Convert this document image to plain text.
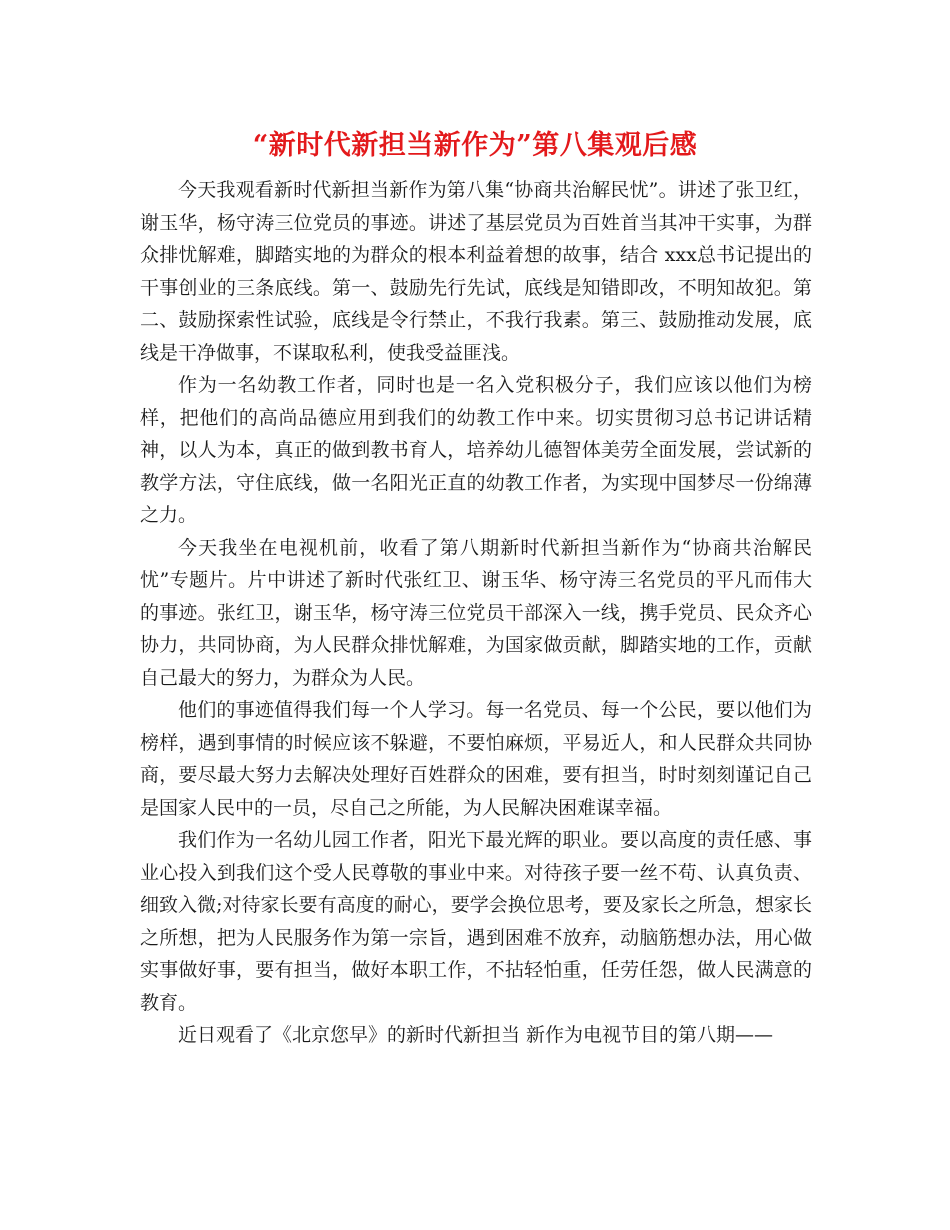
“新时代新担当新作为”第八集观后感

今天我观看新时代新担当新作为第八集“协商共治解民忧”。讲述了张卫红，谢玉华，杨守涛三位党员的事迹。讲述了基层党员为百姓首当其冲干实事，为群众排忧解难，脚踏实地的为群众的根本利益着想的故事，结合 xxx总书记提出的干事创业的三条底线。第一、鼓励先行先试，底线是知错即改，不明知故犯。第二、鼓励探索性试验，底线是令行禁止，不我行我素。第三、鼓励推动发展，底线是干净做事，不谋取私利，使我受益匪浅。

作为一名幼教工作者，同时也是一名入党积极分子，我们应该以他们为榜样，把他们的高尚品德应用到我们的幼教工作中来。切实贯彻习总书记讲话精神，以人为本，真正的做到教书育人，培养幼儿德智体美劳全面发展，尝试新的教学方法，守住底线，做一名阳光正直的幼教工作者，为实现中国梦尽一份绵薄之力。

今天我坐在电视机前，收看了第八期新时代新担当新作为“协商共治解民忧”专题片。片中讲述了新时代张红卫、谢玉华、杨守涛三名党员的平凡而伟大的事迹。张红卫，谢玉华，杨守涛三位党员干部深入一线，携手党员、民众齐心协力，共同协商，为人民群众排忧解难，为国家做贡献，脚踏实地的工作，贡献自己最大的努力，为群众为人民。

他们的事迹值得我们每一个人学习。每一名党员、每一个公民，要以他们为榜样，遇到事情的时候应该不躲避，不要怕麻烦，平易近人，和人民群众共同协商，要尽最大努力去解决处理好百姓群众的困难，要有担当，时时刻刻谨记自己是国家人民中的一员，尽自己之所能，为人民解决困难谋幸福。

我们作为一名幼儿园工作者，阳光下最光辉的职业。要以高度的责任感、事业心投入到我们这个受人民尊敬的事业中来。对待孩子要一丝不苟、认真负责、细致入微;对待家长要有高度的耐心，要学会换位思考，要及家长之所急，想家长之所想，把为人民服务作为第一宗旨，遇到困难不放弃，动脑筋想办法，用心做实事做好事，要有担当，做好本职工作，不拈轻怕重，任劳任怨，做人民满意的教育。

近日观看了《北京您早》的新时代新担当 新作为电视节目的第八期——
